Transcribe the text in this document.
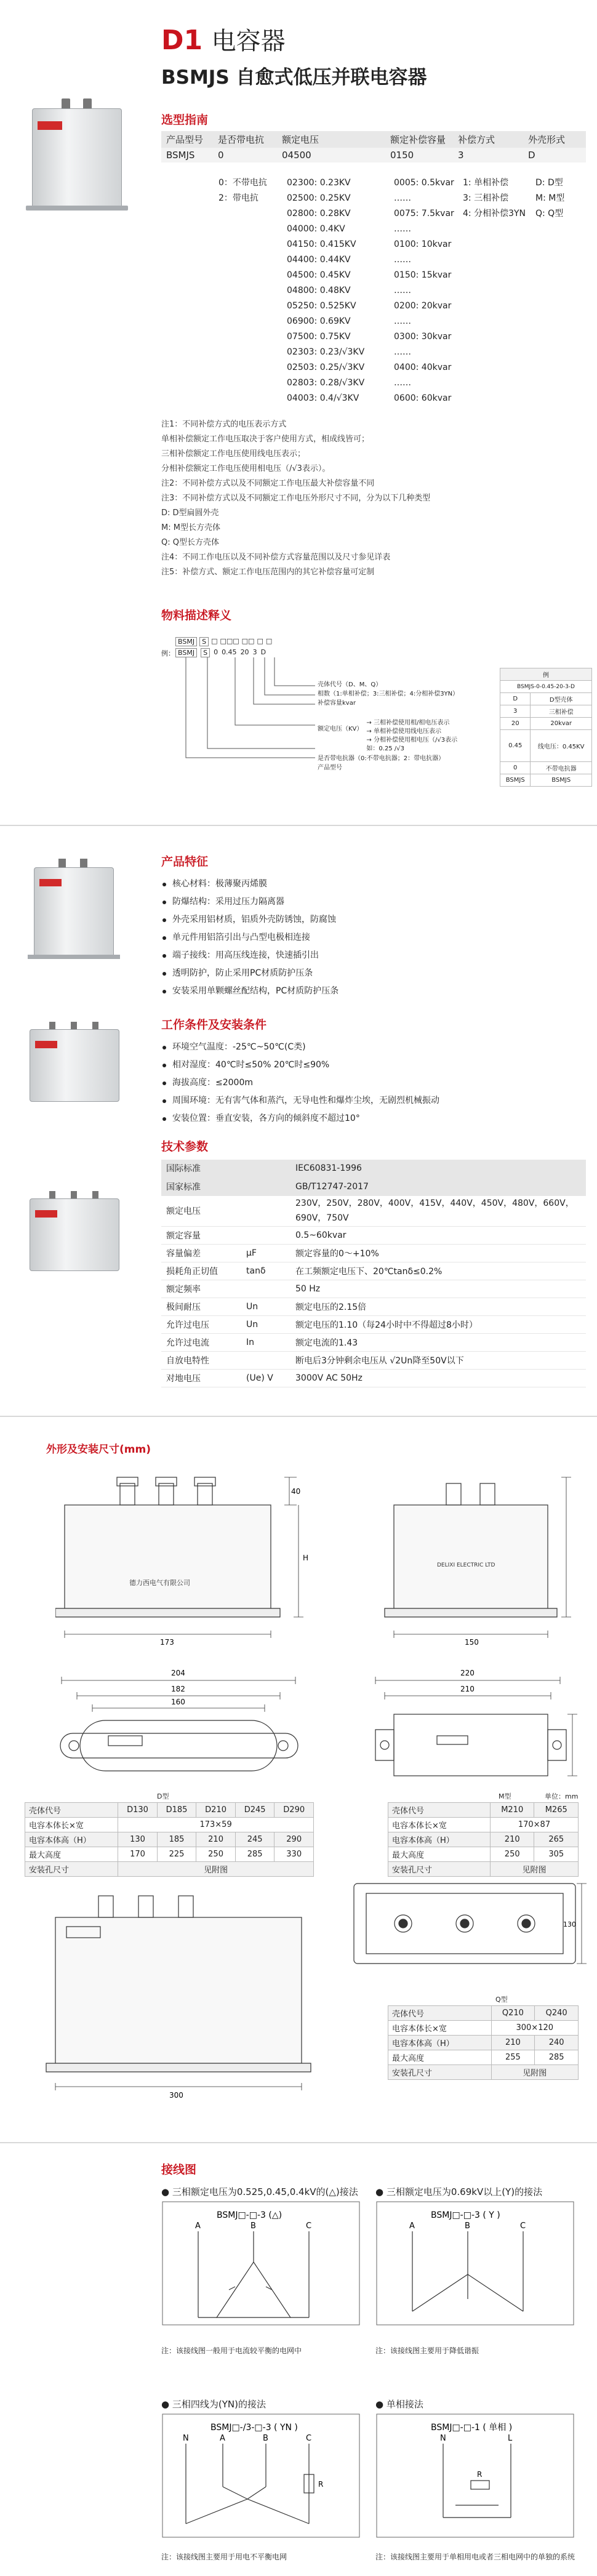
D1 电容器
BSMJS 自愈式低压并联电容器
选型指南
产品型号	是否带电抗	额定电压	额定补偿容量	补偿方式	外壳形式
BSMJS	0	04500	0150	3	D
0：不带电抗
2：带电抗
02300: 0.23KV
02500: 0.25KV
02800: 0.28KV
04000: 0.4KV
04150: 0.415KV
04400: 0.44KV
04500: 0.45KV
04800: 0.48KV
05250: 0.525KV
06900: 0.69KV
07500: 0.75KV
02303: 0.23/√3KV
02503: 0.25/√3KV
02803: 0.28/√3KV
04003: 0.4/√3KV
0005: 0.5kvar
……
0075: 7.5kvar
……
0100: 10kvar
……
0150: 15kvar
……
0200: 20kvar
……
0300: 30kvar
……
0400: 40kvar
……
0600: 60kvar
1: 单相补偿
3: 三相补偿
4: 分相补偿3YN
D: D型
M: M型
Q: Q型
注1：不同补偿方式的电压表示方式
单相补偿额定工作电压取决于客户使用方式，相成线皆可；
三相补偿额定工作电压使用线电压表示；
分相补偿额定工作电压使用相电压（/√3表示）。
注2：不同补偿方式以及不同额定工作电压最大补偿容量不同
注3：不同补偿方式以及不同额定工作电压外形尺寸不同，分为以下几种类型
D: D型扁圆外壳
M: M型长方壳体
Q: Q型长方壳体
注4：不同工作电压以及不同补偿方式容量范围以及尺寸参见详表
注5：补偿方式、额定工作电压范围内的其它补偿容量可定制
物料描述释义
例：
BSMJ	S □ □□□ □□ □ □
BSMJ	S 0 0.45 20 3 D
壳体代号（D、M、Q）
相数（1:单相补偿；3:三相补偿；4:分相补偿3YN）
补偿容量kvar
额定电压（KV）
→ 三相补偿使用相/相电压表示
→ 单相补偿使用线电压表示
→ 分相补偿使用相电压（/√3表示
如：0.25 /√3
是否带电抗器（0:不带电抗器；2：带电抗器）
产品型号
例	
BSMJS-0-0.45-20-3-D	
D	D型壳体
3	三相补偿
20	20kvar
0.45	线电压：0.45KV
0	不带电抗器
BSMJS	BSMJS
产品特征
核心材料：极薄聚丙烯膜
防爆结构：采用过压力隔离器
外壳采用铝材质，铝质外壳防锈蚀，防腐蚀
单元件用铝箔引出与凸型电极相连接
端子接线：用高压线连接，快速插引出
透明防护，防止采用PC材质防护压条
安装采用单颗螺丝配结构，PC材质防护压条
工作条件及安装条件
环境空气温度：-25℃~50℃(C类)
相对湿度：40℃时≤50% 20℃时≤90%
海拔高度：≤2000m
周围环境：无有害气体和蒸汽，无导电性和爆炸尘埃，无剧烈机械振动
安装位置：垂直安装，各方向的倾斜度不超过10°
技术参数
国际标准		IEC60831-1996
国家标准		GB/T12747-2017
额定电压		230V，250V，280V，400V，415V，440V，450V，480V，660V，690V，750V
额定容量		0.5~60kvar
容量偏差	μF	额定容量的0～+10%
损耗角正切值	tanδ	在工频额定电压下、20℃tanδ≤0.2%
额定频率		50 Hz
极间耐压	Un	额定电压的2.15倍
允许过电压	Un	额定电压的1.10（每24小时中不得超过8小时）
允许过电流	In	额定电流的1.43
自放电特性		断电后3分钟剩余电压从 √2Un降至50V以下
对地电压	(Ue) V	3000V AC 50Hz
外形及安装尺寸(mm)
德力西电气有限公司
173
40
H
DELIXI ELECTRIC LTD
150
204
182
160
220
210
D型
壳体代号	D130	D185	D210	D245	D290
电容本体长×宽	173×59				
电容本体高（H）	130	185	210	245	290
最大高度	170	225	250	285	330
安装孔尺寸	见附图				
M型	单位：mm
壳体代号	M210	M265
电容本体长×宽	170×87	
电容本体高（H）	210	265
最大高度	250	305
安装孔尺寸	见附图	
300
130
Q型
壳体代号	Q210	Q240
电容本体长×宽	300×120	
电容本体高（H）	210	240
最大高度	255	285
安装孔尺寸	见附图	
接线图
● 三相额定电压为0.525,0.45,0.4kV的(△)接法
BSMJ□-□-3 (△)
A	B	C
注：该接线图一般用于电流较平衡的电网中
● 三相额定电压为0.69kV以上(Y)的接法
BSMJ□-□-3 ( Y )
A	B	C
注：该接线图主要用于降低谐振
● 三相四线为(YN)的接法
BSMJ□-/3-□-3 ( YN )
N	A	B	C
R
注：该接线图主要用于用电不平衡电网
● 单相接法
BSMJ□-□-1 ( 单相 )
N	L
R
注：该接线图主要用于单相用电或者三相电网中的单独的系统
